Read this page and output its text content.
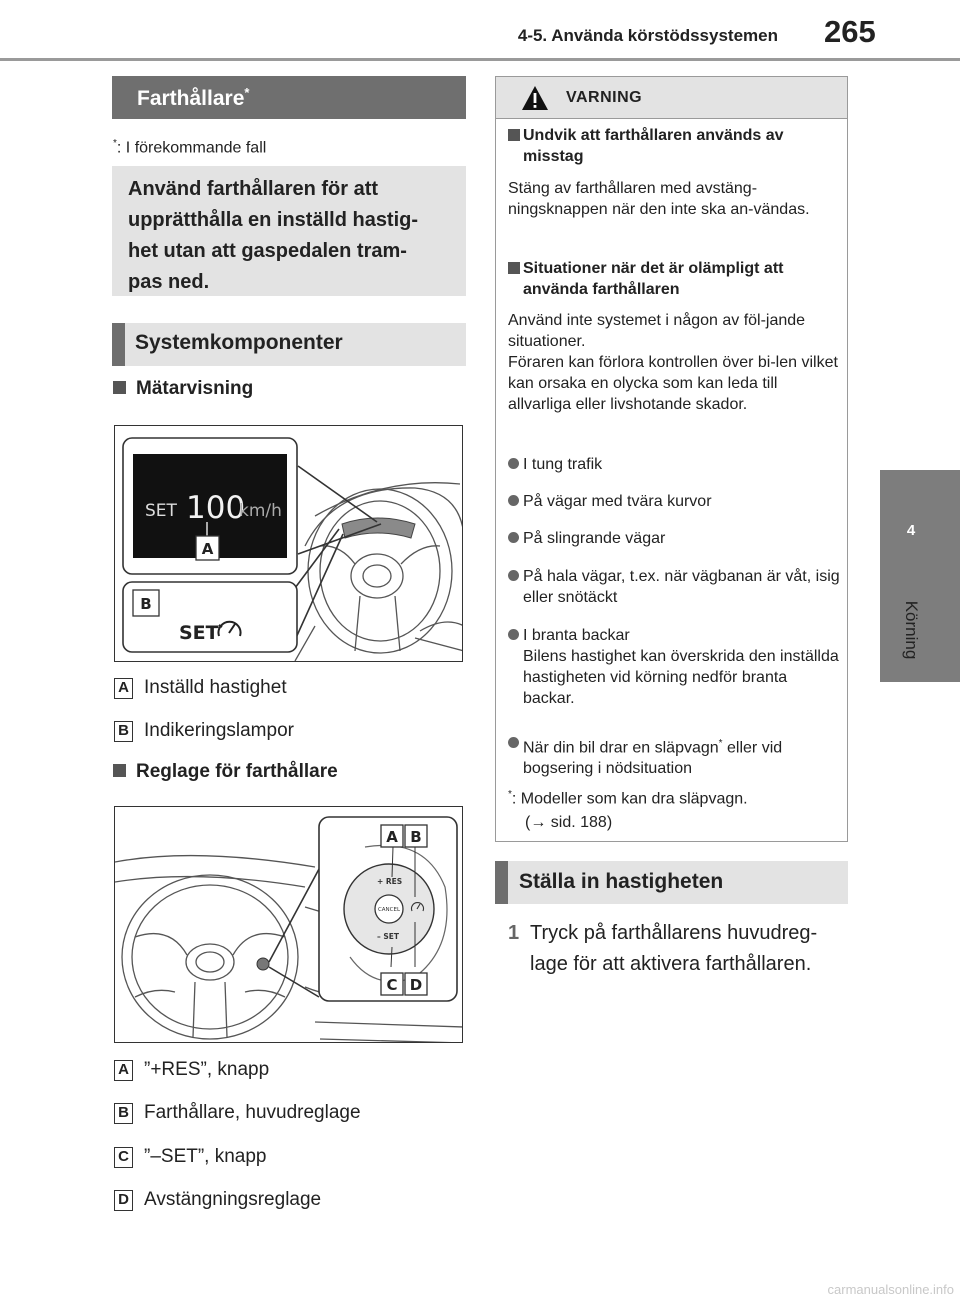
4-5. Använda körstödssystemen 265
4
Körning
Farthållare*
*: I förekommande fall

Använd farthållaren för att

upprätthålla en inställd hastig-

het utan att gaspedalen tram-

pas ned.

Systemkomponenter
Mätarvisning
SET 100
km/h
A
B
SET
A Inställd hastighet
B Indikeringslampor
Reglage för farthållare
+ RES
CANCEL
– SET
A B
C D
A ”+RES”, knapp
B Farthållare, huvudreglage
C ”–SET”, knapp
D Avstängningsreglage
VARNING
Undvik att farthållaren används av misstag
Stäng av farthållaren med avstäng-ningsknappen när den inte ska an-vändas.
Situationer när det är olämpligt att använda farthållaren
Använd inte systemet i någon av föl-jande situationer.
Föraren kan förlora kontrollen över bi-len vilket kan orsaka en olycka som kan leda till allvarliga eller livshotande skador.
I tung trafik
På vägar med tvära kurvor
På slingrande vägar
På hala vägar, t.ex. när vägbanan är våt, isig eller snötäckt
I branta backar
Bilens hastighet kan överskrida den inställda hastigheten vid körning nedför branta backar.
När din bil drar en släpvagn* eller vid bogsering i nödsituation
*: Modeller som kan dra släpvagn.
(→ sid. 188)
Ställa in hastigheten
1 Tryck på farthållarens huvudreg-lage för att aktivera farthållaren.
carmanualsonline.info
